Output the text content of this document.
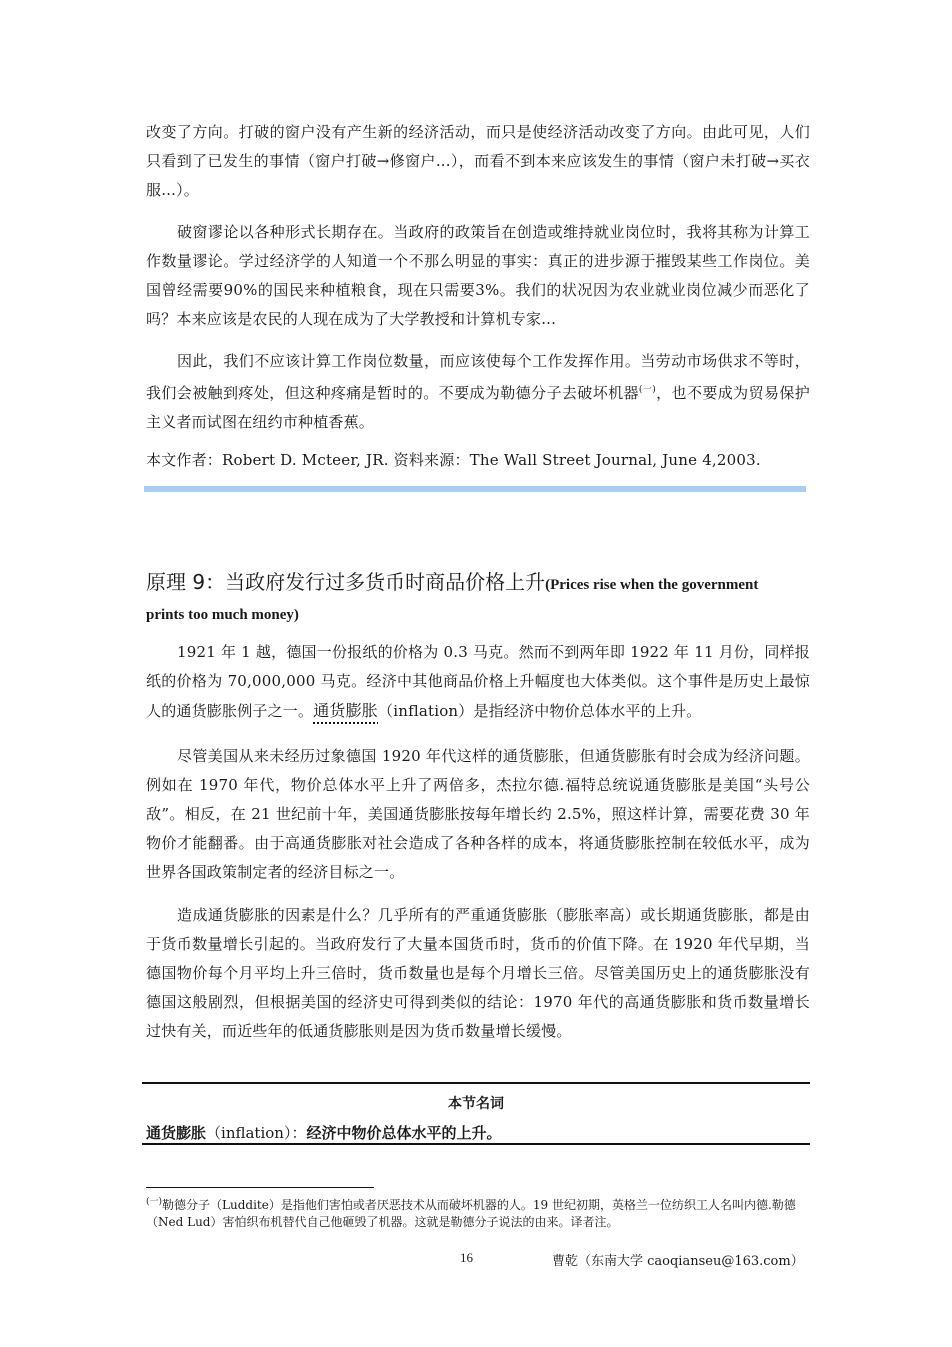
改变了方向。打破的窗户没有产生新的经济活动，而只是使经济活动改变了方向。由此可见，人们只看到了已发生的事情（窗户打破→修窗户...），而看不到本来应该发生的事情（窗户未打破→买衣服...）。

破窗谬论以各种形式长期存在。当政府的政策旨在创造或维持就业岗位时，我将其称为计算工作数量谬论。学过经济学的人知道一个不那么明显的事实：真正的进步源于摧毁某些工作岗位。美国曾经需要90%的国民来种植粮食，现在只需要3%。我们的状况因为农业就业岗位减少而恶化了吗？本来应该是农民的人现在成为了大学教授和计算机专家...

因此，我们不应该计算工作岗位数量，而应该使每个工作发挥作用。当劳动市场供求不等时，我们会被触到疼处，但这种疼痛是暂时的。不要成为勒德分子去破坏机器$^{(一)}$，也不要成为贸易保护主义者而试图在纽约市种植香蕉。

本文作者：Robert D. Mcteer, JR. 资料来源：The Wall Street Journal, June 4,2003.

原理 9：当政府发行过多货币时商品价格上升(Prices rise when the government
prints too much money)

1921 年 1 越，德国一份报纸的价格为 0.3 马克。然而不到两年即 1922 年 11 月份，同样报纸的价格为 70,000,000 马克。经济中其他商品价格上升幅度也大体类似。这个事件是历史上最惊人的通货膨胀例子之一。通货膨胀（inflation）是指经济中物价总体水平的上升。

尽管美国从来未经历过象德国 1920 年代这样的通货膨胀，但通货膨胀有时会成为经济问题。例如在 1970 年代，物价总体水平上升了两倍多，杰拉尔德.福特总统说通货膨胀是美国“头号公敌”。相反，在 21 世纪前十年，美国通货膨胀按每年增长约 2.5%，照这样计算，需要花费 30 年物价才能翻番。由于高通货膨胀对社会造成了各种各样的成本，将通货膨胀控制在较低水平，成为世界各国政策制定者的经济目标之一。

造成通货膨胀的因素是什么？几乎所有的严重通货膨胀（膨胀率高）或长期通货膨胀，都是由于货币数量增长引起的。当政府发行了大量本国货币时，货币的价值下降。在 1920 年代早期，当德国物价每个月平均上升三倍时，货币数量也是每个月增长三倍。尽管美国历史上的通货膨胀没有德国这般剧烈，但根据美国的经济史可得到类似的结论：1970 年代的高通货膨胀和货币数量增长过快有关，而近些年的低通货膨胀则是因为货币数量增长缓慢。

本节名词

通货膨胀（inflation）：经济中物价总体水平的上升。

$^{(一)}$勒德分子（Luddite）是指他们害怕或者厌恶技术从而破坏机器的人。19 世纪初期，英格兰一位纺织工人名叫内德.勒德（Ned Lud）害怕织布机替代自己他砸毁了机器。这就是勒德分子说法的由来。译者注。

16	曹乾（东南大学 caoqianseu@163.com）
